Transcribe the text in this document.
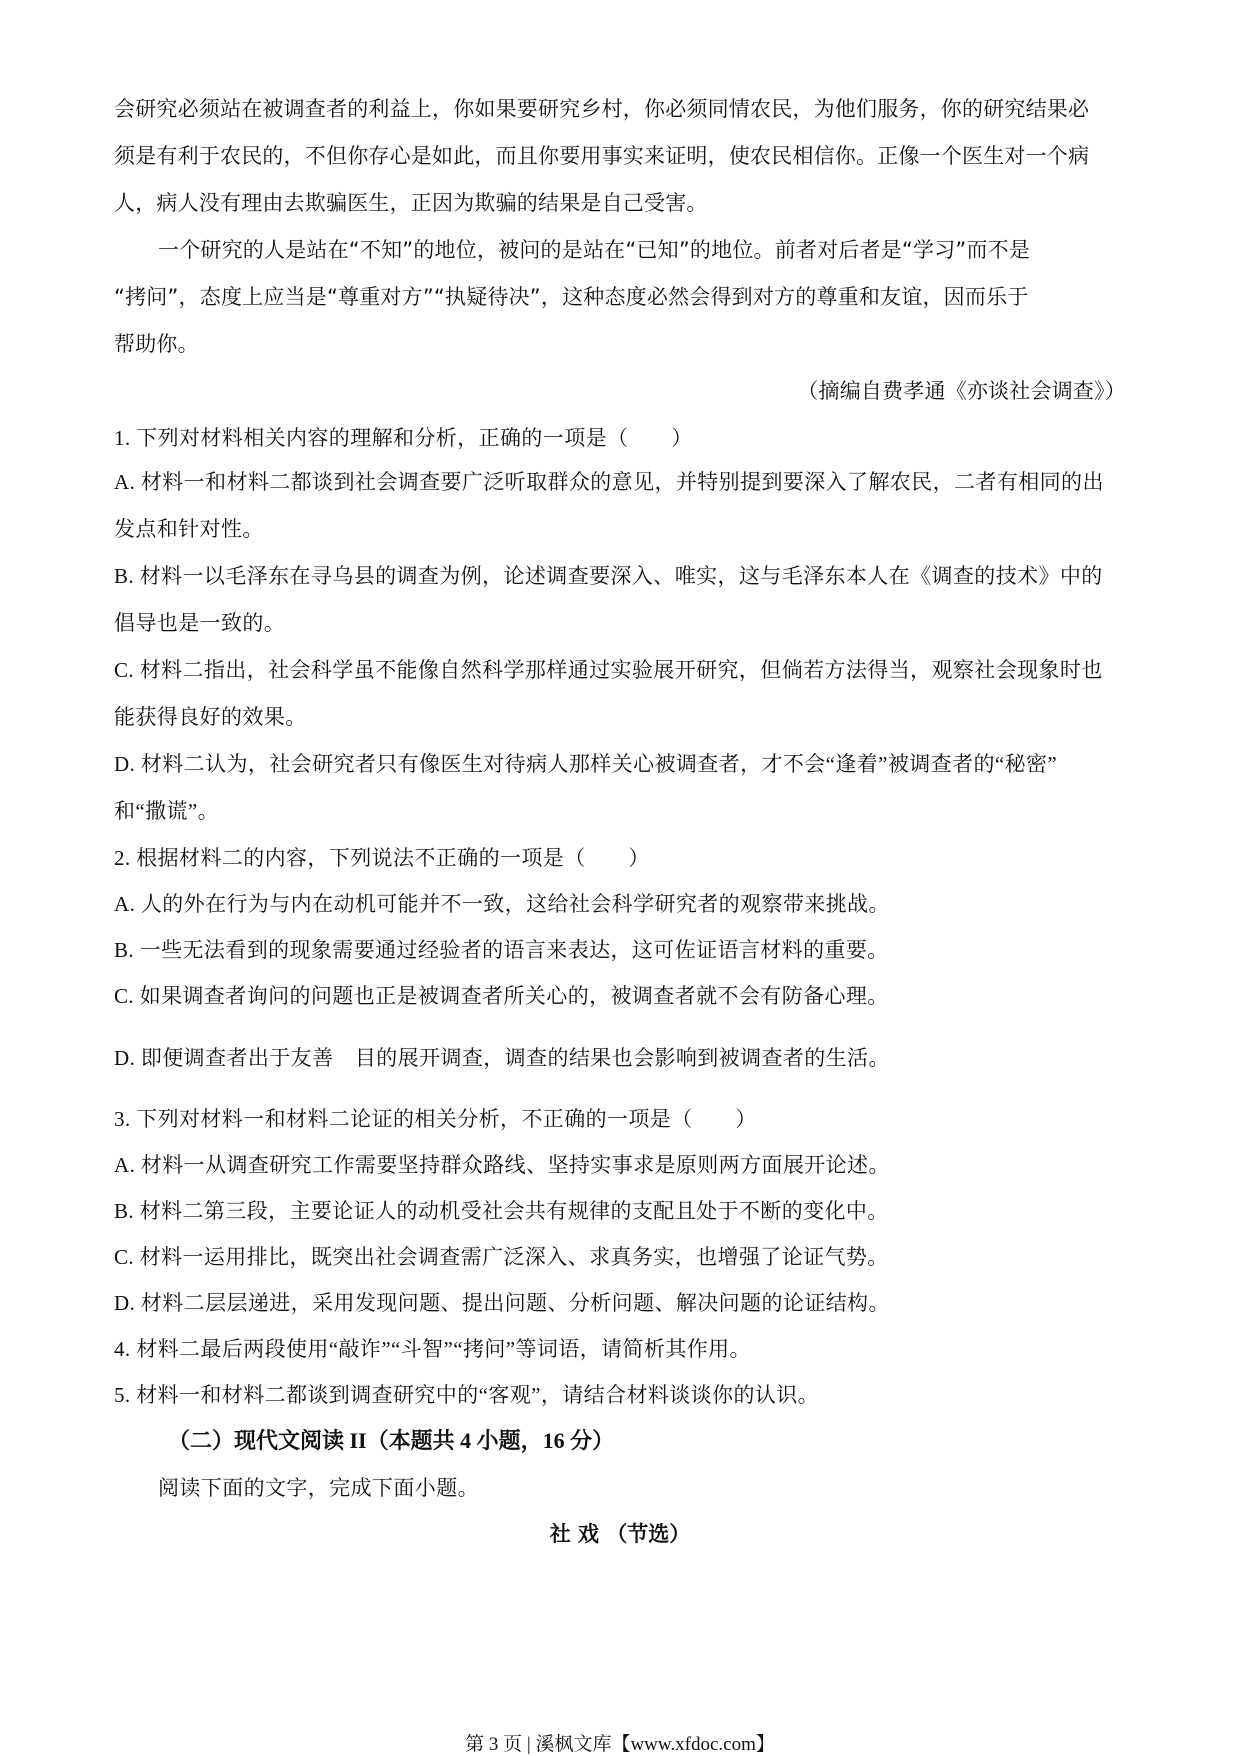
会研究必须站在被调查者的利益上，你如果要研究乡村，你必须同情农民，为他们服务，你的研究结果必
须是有利于农民的，不但你存心是如此，而且你要用事实来证明，使农民相信你。正像一个医生对一个病
人，病人没有理由去欺骗医生，正因为欺骗的结果是自己受害。
一个研究的人是站在“不知”的地位，被问的是站在“已知”的地位。前者对后者是“学习”而不是
“拷问”，态度上应当是“尊重对方”“执疑待决”，这种态度必然会得到对方的尊重和友谊，因而乐于
帮助你。
（摘编自费孝通《亦谈社会调查》）
1. 下列对材料相关内容的理解和分析，正确的一项是（　　）
A. 材料一和材料二都谈到社会调查要广泛听取群众的意见，并特别提到要深入了解农民，二者有相同的出
发点和针对性。
B. 材料一以毛泽东在寻乌县的调查为例，论述调查要深入、唯实，这与毛泽东本人在《调查的技术》中的
倡导也是一致的。
C. 材料二指出，社会科学虽不能像自然科学那样通过实验展开研究，但倘若方法得当，观察社会现象时也
能获得良好的效果。
D. 材料二认为，社会研究者只有像医生对待病人那样关心被调查者，才不会“逢着”被调查者的“秘密”
和“撒谎”。
2. 根据材料二的内容，下列说法不正确的一项是（　　）
A. 人的外在行为与内在动机可能并不一致，这给社会科学研究者的观察带来挑战。
B. 一些无法看到的现象需要通过经验者的语言来表达，这可佐证语言材料的重要。
C. 如果调查者询问的问题也正是被调查者所关心的，被调查者就不会有防备心理。
D. 即便调查者出于友善　目的展开调查，调查的结果也会影响到被调查者的生活。
3. 下列对材料一和材料二论证的相关分析，不正确的一项是（　　）
A. 材料一从调查研究工作需要坚持群众路线、坚持实事求是原则两方面展开论述。
B. 材料二第三段，主要论证人的动机受社会共有规律的支配且处于不断的变化中。
C. 材料一运用排比，既突出社会调查需广泛深入、求真务实，也增强了论证气势。
D. 材料二层层递进，采用发现问题、提出问题、分析问题、解决问题的论证结构。
4. 材料二最后两段使用“敲诈”“斗智”“拷问”等词语，请简析其作用。
5. 材料一和材料二都谈到调查研究中的“客观”，请结合材料谈谈你的认识。
（二）现代文阅读 II（本题共 4 小题，16 分）
阅读下面的文字，完成下面小题。
社 戏 （节选）
第 3 页 | 溪枫文库【www.xfdoc.com】
